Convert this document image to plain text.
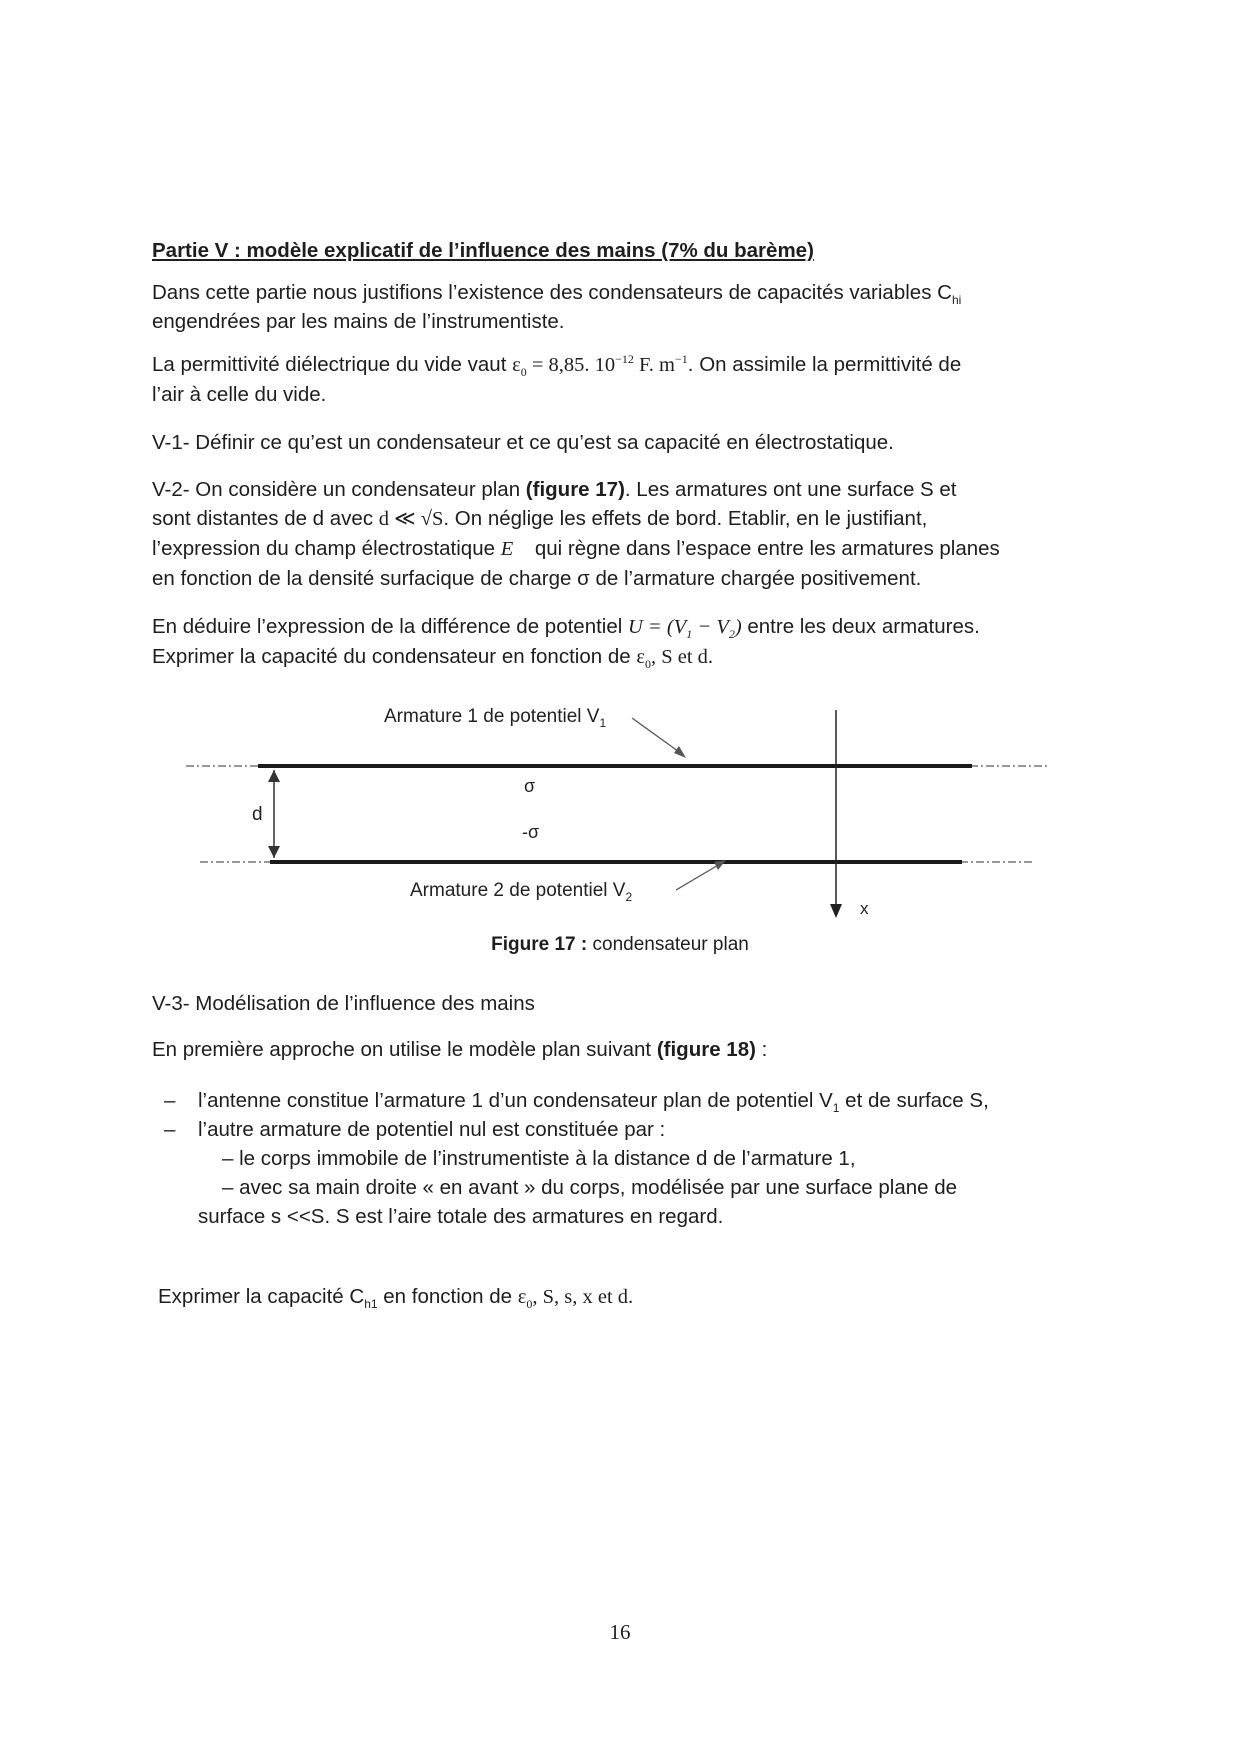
Partie V : modèle explicatif de l’influence des mains (7% du barème)

Dans cette partie nous justifions l’existence des condensateurs de capacités variables $C_{hi}$
engendrées par les mains de l’instrumentiste.

La permittivité diélectrique du vide vaut $\varepsilon_0 = 8,85$. $10^{-12}$ F. $m^{-1}$. On assimile la permittivité de
l’air à celle du vide.

V-1- Définir ce qu’est un condensateur et ce qu’est sa capacité en électrostatique.

V-2- On considère un condensateur plan (figure 17). Les armatures ont une surface S et
sont distantes de d avec d ≪ √S. On néglige les effets de bord. Etablir, en le justifiant,
l’expression du champ électrostatique E⃗ qui règne dans l’espace entre les armatures planes
en fonction de la densité surfacique de charge σ de l’armature chargée positivement.

En déduire l’expression de la différence de potentiel $U = (V_1 - V_2)$ entre les deux armatures.
Exprimer la capacité du condensateur en fonction de $\varepsilon_0$, S et d.

d
σ
-σ
x
Armature 1 de potentiel $V_1$
Armature 2 de potentiel $V_2$
Figure 17 : condensateur plan

V-3- Modélisation de l’influence des mains

En première approche on utilise le modèle plan suivant (figure 18) :

– l’antenne constitue l’armature 1 d’un condensateur plan de potentiel $V_1$ et de surface S,
– l’autre armature de potentiel nul est constituée par :
– le corps immobile de l’instrumentiste à la distance d de l’armature 1,
– avec sa main droite « en avant » du corps, modélisée par une surface plane de
surface s <<S. S est l’aire totale des armatures en regard.

Exprimer la capacité $C_{h1}$ en fonction de $\varepsilon_0$, S, s, x et d.

16
